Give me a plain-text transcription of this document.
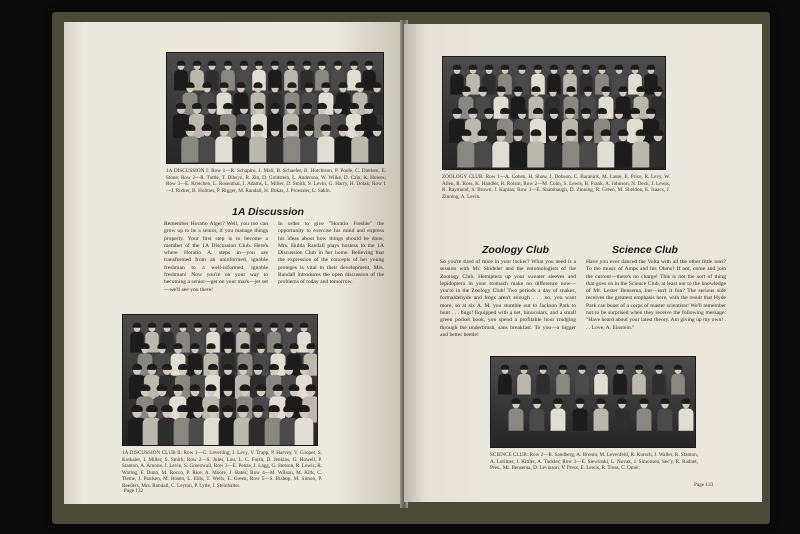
1A DISCUSSION I: Row 1—R. Schapiro, J. Mall, B. Schaefer, B. Hutchison, P. Poole, C. Dierken, E. Stone; Row 2—R. Tuttle, T. Dibsyn, R. Zin, D. Goldstein, L. Anderson, W. Wilke, D. Cain, K. Howes; Row 3—E. Kretchen, L. Rosenthal, J. Adams, L. Miller, D. Smith, S. Levin, G. Harry, H. Dolak; Row 1—J. Ricker, B. Holmes, P. Rigger, M. Randall, H. Bokas, J. Proessler, L. Sakin.
1A Discussion
Remember Horatio Alger? Well, you too can grow up to be a senior, if you manage things properly. Your first step is to become a member of the 1A Discussion Club. Here's where Horatio A. steps in—you are transformed from an uninformed, ignoble freshman to a well-informed, ignoble freshman! Now you're on your way to becoming a senior—get on your mark—jet set—we'll see you there!
In order to give "Horatio Freshie" the opportunity to exercise his mind and express his ideas about how things should be done, Mrs. Hulda Randall plays hostess to the 1A Discussion Club in her home. Believing that the expression of the concepts of her young proteges is vital to their development, Mrs. Randall introduces the open discussion of the problems of today and tomorrow.
1A DISCUSSION CLUB II: Row 1—G. Leverling, J. Levy, V. Trapp, P. Harvey, V. Cooper, S. Kotkaler, I. Miller, S. Smith; Row 2—S. Jules, Lou, L. C. Forth, D. Jenkins, G. Howell, P. Stanton, A. Arnone, J. Levin, S. Greenwall, Row 3—E. Penze, J. Lagg, G. Stetson, R. Lewis, R. Waring, F. Dunn, M. Rocco, P. Rice, A. Moore, J. Bates; Row 4—M. Wilson, M. Kirk, C. Tieme, J. Paulsen, M. Rosen, L. Ellis, T. Wells, E. Green; Row 5—S. Bishop, M. Simon, P. Reeders, Mrs. Randall, C. Leyton, P. Lytle, I. Steinhalter.
Page 132
ZOOLOGY CLUB: Row 1—A. Cohen, H. Shaw, J. Dobson, C. Baranick, M. Lasse, E. Price, R. Levy, W. Allen, R. Ross, K. Handler, R. Roisin; Row 2—M. Cohn, S. Lewis, B. Frank, A. Johnson, N. Deck, J. Lewis, R. Raymond, S. Brown, J. Kaplan; Row 3—E. Shambaugh, D. Zinning, R. Green, M. Sheldon, E. Isaacs, J. Zinning, A. Levin.
Zoology Club
So you're tired of mice in your locker? What you need is a session with Mr. Shideler and the entomologists of the Zoology Club. Hemiptera up your sweater sleeves and lepidoptera in your stomach make no difference now—you're in the Zoology Club! Two periods a day of snakes, formaldehyde and frogs aren't enough . . . no, you want more, so at six A. M. you stumble out to Jackson Park to hunt . . . bugs! Equipped with a net, binoculars, and a small green pocket book, you spend a profitable hour trudging through the underbrush, sans breakfast. To you—a bigger and better beetle!
Science Club
Have you ever danced the Volta with all the other little ions? To the music of Amps and his Ohms? If not, come and join the current—there's no charge! This is not the sort of thing that goes on in the Science Club, at least not to the knowledge of Mr. Lester Bensema, but—isn't it fun? The serious side receives the greatest emphasis here, with the result that Hyde Park can boast of a corps of master scientists! We'll remember not to be surprised when they receive the following message: "Have heard about your latest theory. Am giving up my own! . . . Love, A. Einstein."
SCIENCE CLUB: Row 2—R. Sandberg, A. Bronin, M. Levenfeld, R. Kursch, J. Waller, R. Stanton, A. Lorimer, J. Kittler, A. Tackler; Row 1—E. Siewinski, L. Novak, J. Simonsen, Sec'y, R. Radnet, Pres., Mr. Bensema, D. Levinson, V. Press, E. Lewis, R. Tress, C. Omer.
Page 133
